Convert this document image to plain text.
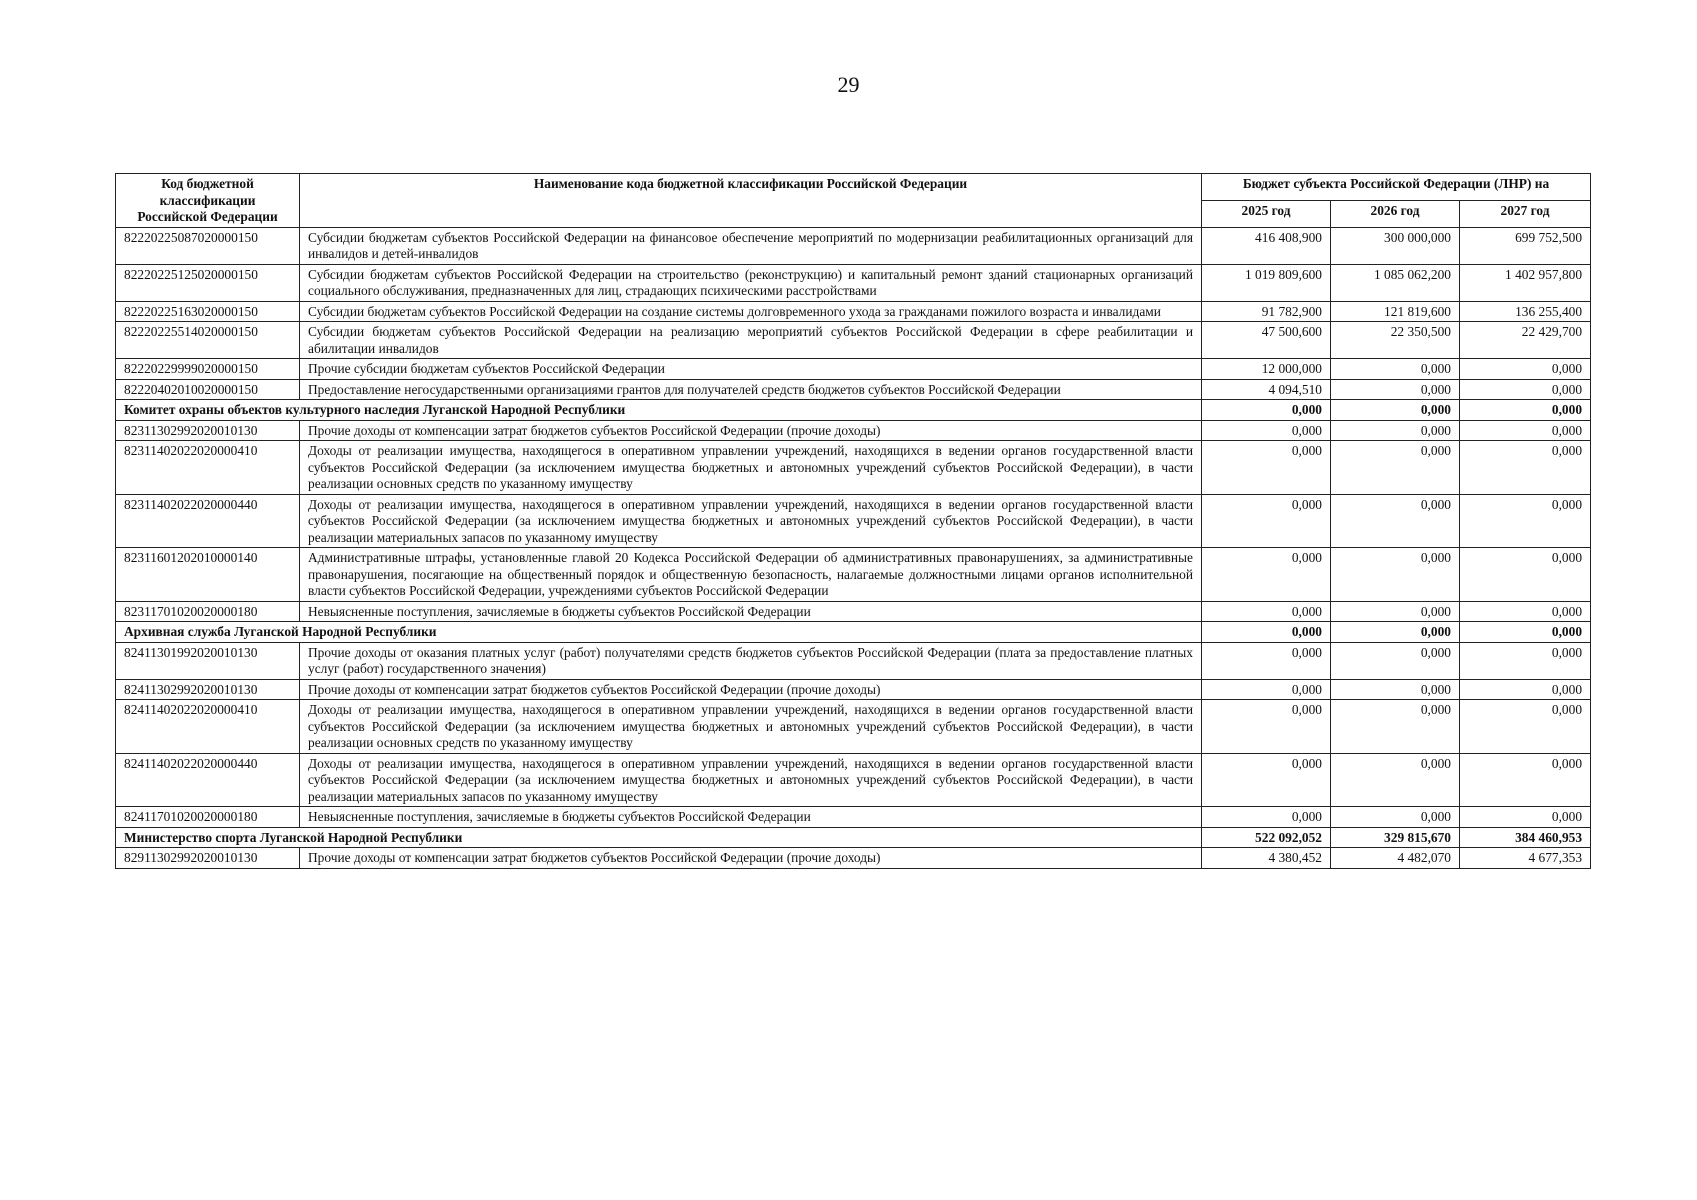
29
Код бюджетной классификации Российской Федерации	Наименование кода бюджетной классификации Российской Федерации	Бюджет субъекта Российской Федерации (ЛНР) на		
		2025 год	2026 год	2027 год
82220225087020000150	Субсидии бюджетам субъектов Российской Федерации на финансовое обеспечение мероприятий по модернизации реабилитационных организаций для инвалидов и детей-инвалидов	416 408,900	300 000,000	699 752,500
82220225125020000150	Субсидии бюджетам субъектов Российской Федерации на строительство (реконструкцию) и капитальный ремонт зданий стационарных организаций социального обслуживания, предназначенных для лиц, страдающих психическими расстройствами	1 019 809,600	1 085 062,200	1 402 957,800
82220225163020000150	Субсидии бюджетам субъектов Российской Федерации на создание системы долговременного ухода за гражданами пожилого возраста и инвалидами	91 782,900	121 819,600	136 255,400
82220225514020000150	Субсидии бюджетам субъектов Российской Федерации на реализацию мероприятий субъектов Российской Федерации в сфере реабилитации и абилитации инвалидов	47 500,600	22 350,500	22 429,700
82220229999020000150	Прочие субсидии бюджетам субъектов Российской Федерации	12 000,000	0,000	0,000
82220402010020000150	Предоставление негосударственными организациями грантов для получателей средств бюджетов субъектов Российской Федерации	4 094,510	0,000	0,000
Комитет охраны объектов культурного наследия Луганской Народной Республики		0,000	0,000	0,000
82311302992020010130	Прочие доходы от компенсации затрат бюджетов субъектов Российской Федерации (прочие доходы)	0,000	0,000	0,000
82311402022020000410	Доходы от реализации имущества, находящегося в оперативном управлении учреждений, находящихся в ведении органов государственной власти субъектов Российской Федерации (за исключением имущества бюджетных и автономных учреждений субъектов Российской Федерации), в части реализации основных средств по указанному имуществу	0,000	0,000	0,000
82311402022020000440	Доходы от реализации имущества, находящегося в оперативном управлении учреждений, находящихся в ведении органов государственной власти субъектов Российской Федерации (за исключением имущества бюджетных и автономных учреждений субъектов Российской Федерации), в части реализации материальных запасов по указанному имуществу	0,000	0,000	0,000
82311601202010000140	Административные штрафы, установленные главой 20 Кодекса Российской Федерации об административных правонарушениях, за административные правонарушения, посягающие на общественный порядок и общественную безопасность, налагаемые должностными лицами органов исполнительной власти субъектов Российской Федерации, учреждениями субъектов Российской Федерации	0,000	0,000	0,000
82311701020020000180	Невыясненные поступления, зачисляемые в бюджеты субъектов Российской Федерации	0,000	0,000	0,000
Архивная служба Луганской Народной Республики		0,000	0,000	0,000
82411301992020010130	Прочие доходы от оказания платных услуг (работ) получателями средств бюджетов субъектов Российской Федерации (плата за предоставление платных услуг (работ) государственного значения)	0,000	0,000	0,000
82411302992020010130	Прочие доходы от компенсации затрат бюджетов субъектов Российской Федерации (прочие доходы)	0,000	0,000	0,000
82411402022020000410	Доходы от реализации имущества, находящегося в оперативном управлении учреждений, находящихся в ведении органов государственной власти субъектов Российской Федерации (за исключением имущества бюджетных и автономных учреждений субъектов Российской Федерации), в части реализации основных средств по указанному имуществу	0,000	0,000	0,000
82411402022020000440	Доходы от реализации имущества, находящегося в оперативном управлении учреждений, находящихся в ведении органов государственной власти субъектов Российской Федерации (за исключением имущества бюджетных и автономных учреждений субъектов Российской Федерации), в части реализации материальных запасов по указанному имуществу	0,000	0,000	0,000
82411701020020000180	Невыясненные поступления, зачисляемые в бюджеты субъектов Российской Федерации	0,000	0,000	0,000
Министерство спорта Луганской Народной Республики		522 092,052	329 815,670	384 460,953
82911302992020010130	Прочие доходы от компенсации затрат бюджетов субъектов Российской Федерации (прочие доходы)	4 380,452	4 482,070	4 677,353
